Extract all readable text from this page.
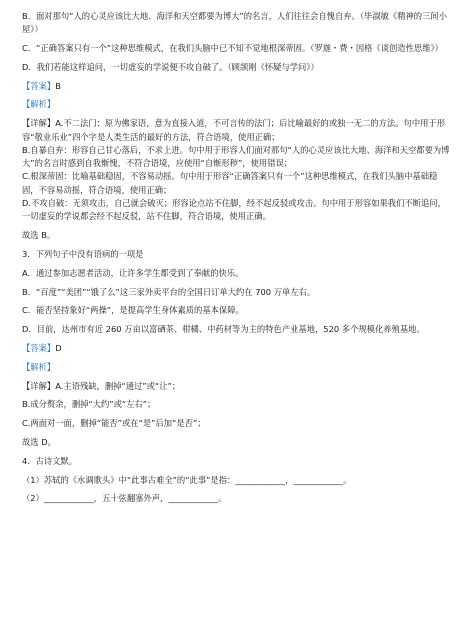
B．面对那句“人的心灵应该比大地、海洋和天空都要为博大”的名言，人们往往会自愧自弃。（毕淑敏《精神的三间小屋》）

C．“正确答案只有一个”这种思维模式，在我们头脑中已不知不觉地根深蒂固。（罗迦・费・因格《谈创造性思维》）

D．我们若能这样追问，一切虚妄的学说便不攻自破了。（顾颉刚《怀疑与学问》）

【答案】B

【解析】

【详解】A.不二法门：原为佛家语，意为直接入道，不可言传的法门；后比喻最好的或独一无二的方法。句中用于形容“敬业乐业”四个字是人类生活的最好的方法，符合语境，使用正确；

B.自暴自弃：形容自己甘心落后，不求上进。句中用于形容人们面对那句“人的心灵应该比大地、海洋和天空都要为博大”的名言时感到自我惭愧，不符合语境，应使用“自惭形秽”，使用错误；

C.根深蒂固：比喻基础稳固，不容易动摇。句中用于形容“正确答案只有一个”这种思维模式，在我们头脑中基础稳固，不容易动摇，符合语境，使用正确；

D.不攻自破：无须攻击，自己就会破灭；形容论点站不住脚，经不起反驳或攻击。句中用于形容如果我们不断追问，一切虚妄的学说都会经不起反驳，站不住脚，符合语境，使用正确。

故选 B。

3．下列句子中没有语病的一项是

A．通过参加志愿者活动，让许多学生都受到了奉献的快乐。

B．“百度”“美团”“饿了么”这三家外卖平台的全国日订单大约在 700 万单左右。

C．能否坚持象好“两操”，是提高学生身体素质的基本保障。

D．目前，达州市有近 260 万亩以富硒茶、柑橘、中药材等为主的特色产业基地，520 多个规模化养殖基地。

【答案】D

【解析】

【详解】A.主语残缺，删掉“通过”或“让”；

B.成分赘余，删掉“大约”或“左右”；

C.两面对一面，删掉“能否”或在“是”后加“是否”；

故选 D。

4．古诗文默。

（1）苏轼的《水调歌头》中“此事古难全”的“此事”是指：____________，____________。

（2）____________，五十弦翻塞外声，____________。
